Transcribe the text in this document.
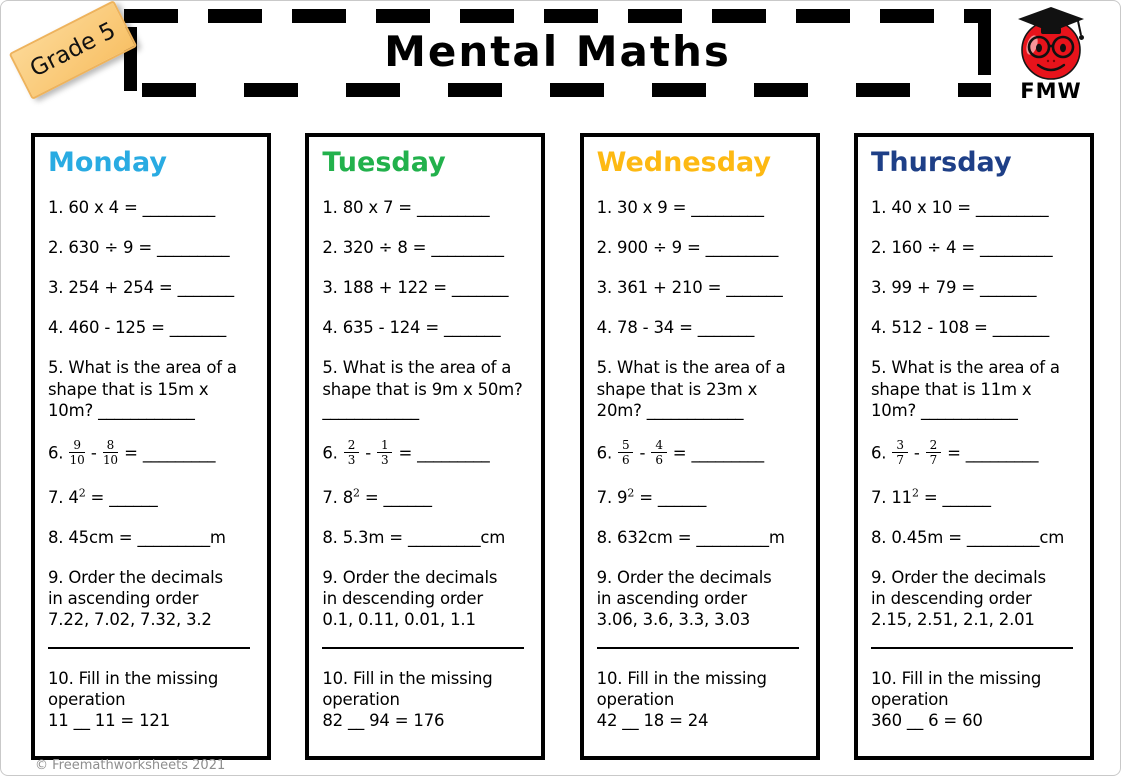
Grade 5	Mental Maths
FMW
Monday
1. 60 x 4 = _________
2. 630 ÷ 9 = _________
3. 254 + 254 = _______
4. 460 - 125 = _______
5. What is the area of a shape that is 15m x 10m? ____________
6. $\frac{9}{10} - \frac{8}{10}$ = _________
7. $4^2$ = ______
8. 45cm = _________m
9. Order the decimals
in ascending order
7.22, 7.02, 7.32, 3.2
10. Fill in the missing
operation
11 __ 11 = 121
Tuesday
1. 80 x 7 = _________
2. 320 ÷ 8 = _________
3. 188 + 122 = _______
4. 635 - 124 = _______
5. What is the area of a shape that is 9m x 50m? ____________
6. $\frac{2}{3} - \frac{1}{3}$ = _________
7. $8^2$ = ______
8. 5.3m = _________cm
9. Order the decimals
in descending order
0.1, 0.11, 0.01, 1.1
10. Fill in the missing
operation
82 __ 94 = 176
Wednesday
1. 30 x 9 = _________
2. 900 ÷ 9 = _________
3. 361 + 210 = _______
4. 78 - 34 = _______
5. What is the area of a shape that is 23m x 20m? ____________
6. $\frac{5}{6} - \frac{4}{6}$ = _________
7. $9^2$ = ______
8. 632cm = _________m
9. Order the decimals
in ascending order
3.06, 3.6, 3.3, 3.03
10. Fill in the missing
operation
42 __ 18 = 24
Thursday
1. 40 x 10 = _________
2. 160 ÷ 4 = _________
3. 99 + 79 = _______
4. 512 - 108 = _______
5. What is the area of a shape that is 11m x 10m? ____________
6. $\frac{3}{7} - \frac{2}{7}$ = _________
7. $11^2$ = ______
8. 0.45m = _________cm
9. Order the decimals
in descending order
2.15, 2.51, 2.1, 2.01
10. Fill in the missing
operation
360 __ 6 = 60
© Freemathworksheets 2021
